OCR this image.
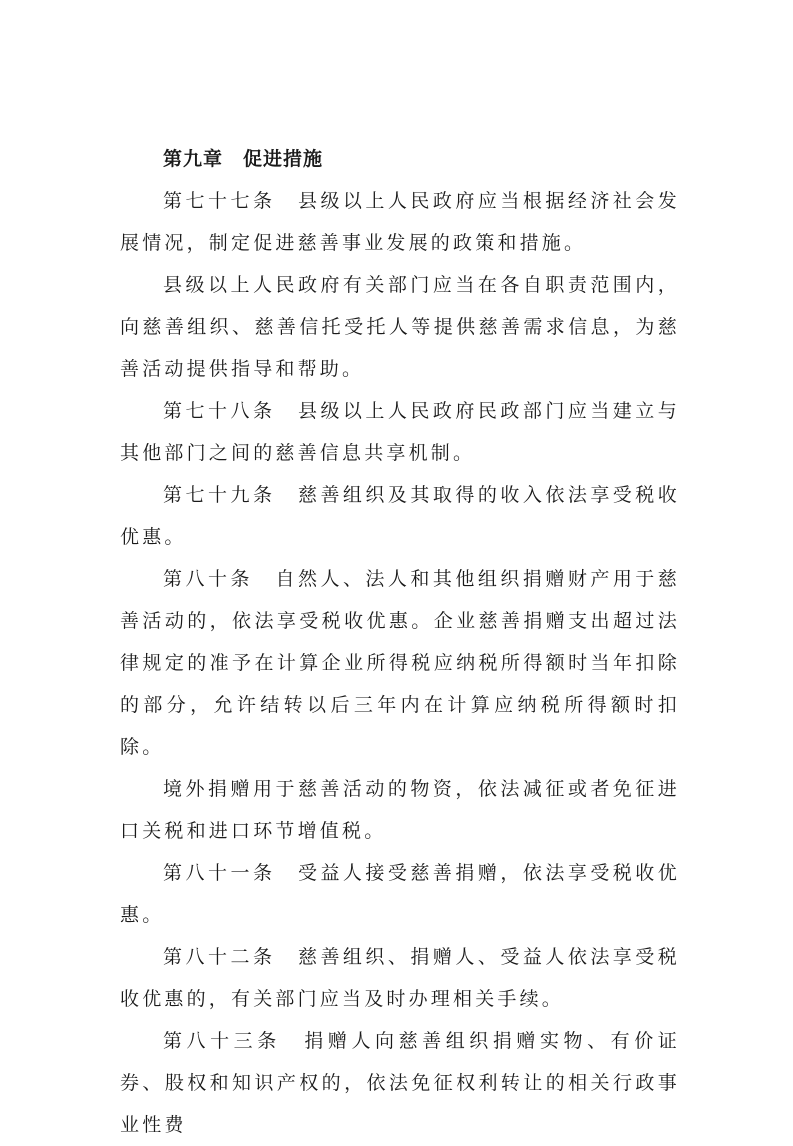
第九章　促进措施

第七十七条　 县级以上人民政府应当根据经济社会发展情况，制定促进慈善事业发展的政策和措施。

县级以上人民政府有关部门应当在各自职责范围内，向慈善组织、慈善信托受托人等提供慈善需求信息，为慈善活动提供指导和帮助。

第七十八条　 县级以上人民政府民政部门应当建立与其他部门之间的慈善信息共享机制。

第七十九条　 慈善组织及其取得的收入依法享受税收优惠。

第八十条　 自然人、法人和其他组织捐赠财产用于慈善活动的，依法享受税收优惠。企业慈善捐赠支出超过法律规定的准予在计算企业所得税应纳税所得额时当年扣除的部分，允许结转以后三年内在计算应纳税所得额时扣除。

境外捐赠用于慈善活动的物资，依法减征或者免征进口关税和进口环节增值税。

第八十一条　 受益人接受慈善捐赠，依法享受税收优惠。

第八十二条　 慈善组织、捐赠人、受益人依法享受税收优惠的，有关部门应当及时办理相关手续。

第八十三条　 捐赠人向慈善组织捐赠实物、有价证券、股权和知识产权的，依法免征权利转让的相关行政事业性费
